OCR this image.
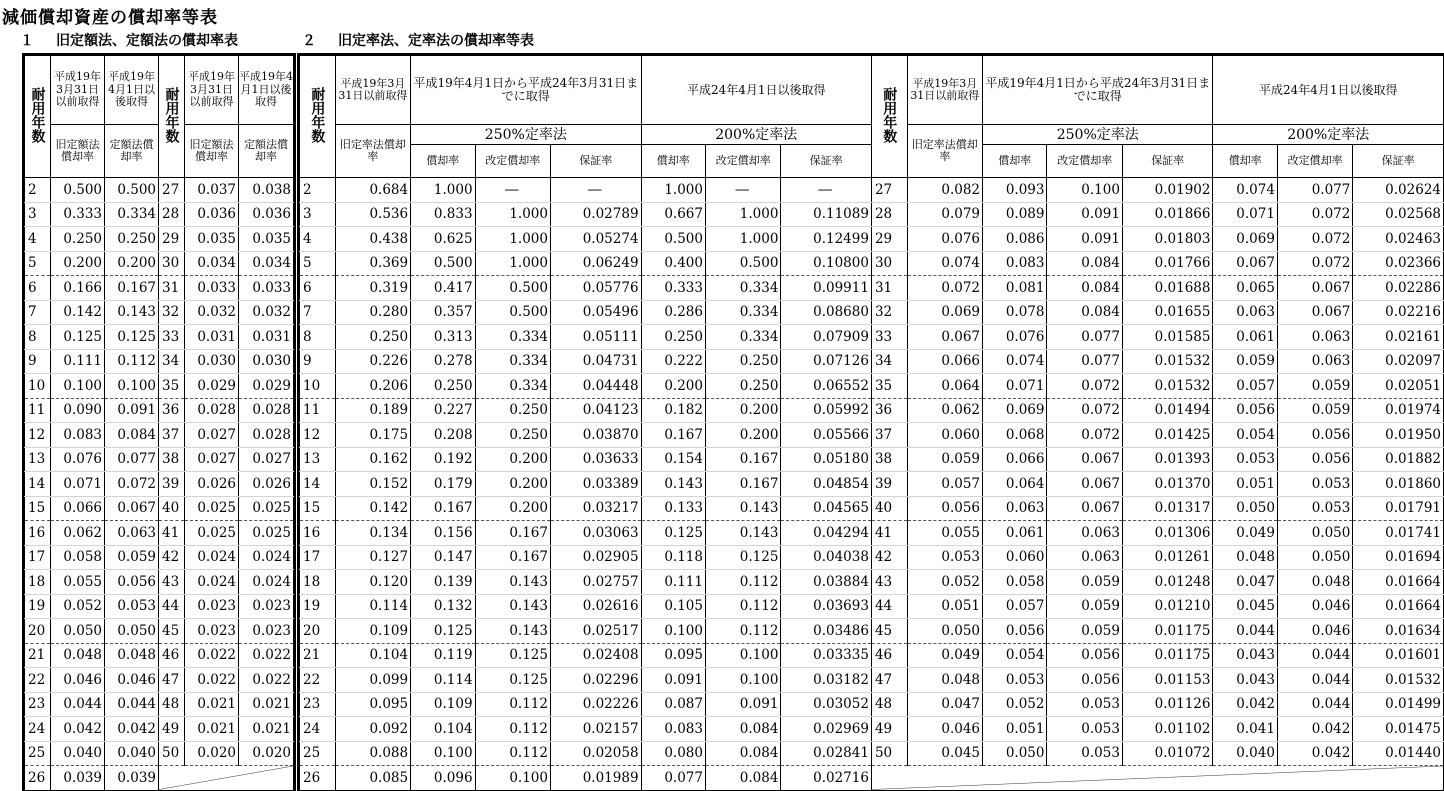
減価償却資産の償却率等表
１ 旧定額法、定額法の償却率表	２ 旧定率法、定率法の償却率等表
耐用年数	平成19年3月31日以前取得	平成19年4月1日以後取得	耐用年数	平成19年3月31日以前取得	平成19年4月1日以後取得
	旧定額法償却率	定額法償却率		旧定額法償却率	定額法償却率
2	0.500	0.500	27	0.037	0.038
3	0.333	0.334	28	0.036	0.036
4	0.250	0.250	29	0.035	0.035
5	0.200	0.200	30	0.034	0.034
6	0.166	0.167	31	0.033	0.033
7	0.142	0.143	32	0.032	0.032
8	0.125	0.125	33	0.031	0.031
9	0.111	0.112	34	0.030	0.030
10	0.100	0.100	35	0.029	0.029
11	0.090	0.091	36	0.028	0.028
12	0.083	0.084	37	0.027	0.028
13	0.076	0.077	38	0.027	0.027
14	0.071	0.072	39	0.026	0.026
15	0.066	0.067	40	0.025	0.025
16	0.062	0.063	41	0.025	0.025
17	0.058	0.059	42	0.024	0.024
18	0.055	0.056	43	0.024	0.024
19	0.052	0.053	44	0.023	0.023
20	0.050	0.050	45	0.023	0.023
21	0.048	0.048	46	0.022	0.022
22	0.046	0.046	47	0.022	0.022
23	0.044	0.044	48	0.021	0.021
24	0.042	0.042	49	0.021	0.021
25	0.040	0.040	50	0.020	0.020
26	0.039	0.039	
耐用年数	平成19年3月31日以前取得	平成19年4月1日から平成24年3月31日までに取得			平成24年4月1日以後取得			耐用年数	平成19年3月31日以前取得	平成19年4月1日から平成24年3月31日までに取得			平成24年4月1日以後取得		
	旧定率法償却率	250%定率法			200%定率法				旧定率法償却率	250%定率法			200%定率法		
		償却率	改定償却率	保証率	償却率	改定償却率	保証率			償却率	改定償却率	保証率	償却率	改定償却率	保証率
2	0.684	1.000	―	―	1.000	―	―	27	0.082	0.093	0.100	0.01902	0.074	0.077	0.02624
3	0.536	0.833	1.000	0.02789	0.667	1.000	0.11089	28	0.079	0.089	0.091	0.01866	0.071	0.072	0.02568
4	0.438	0.625	1.000	0.05274	0.500	1.000	0.12499	29	0.076	0.086	0.091	0.01803	0.069	0.072	0.02463
5	0.369	0.500	1.000	0.06249	0.400	0.500	0.10800	30	0.074	0.083	0.084	0.01766	0.067	0.072	0.02366
6	0.319	0.417	0.500	0.05776	0.333	0.334	0.09911	31	0.072	0.081	0.084	0.01688	0.065	0.067	0.02286
7	0.280	0.357	0.500	0.05496	0.286	0.334	0.08680	32	0.069	0.078	0.084	0.01655	0.063	0.067	0.02216
8	0.250	0.313	0.334	0.05111	0.250	0.334	0.07909	33	0.067	0.076	0.077	0.01585	0.061	0.063	0.02161
9	0.226	0.278	0.334	0.04731	0.222	0.250	0.07126	34	0.066	0.074	0.077	0.01532	0.059	0.063	0.02097
10	0.206	0.250	0.334	0.04448	0.200	0.250	0.06552	35	0.064	0.071	0.072	0.01532	0.057	0.059	0.02051
11	0.189	0.227	0.250	0.04123	0.182	0.200	0.05992	36	0.062	0.069	0.072	0.01494	0.056	0.059	0.01974
12	0.175	0.208	0.250	0.03870	0.167	0.200	0.05566	37	0.060	0.068	0.072	0.01425	0.054	0.056	0.01950
13	0.162	0.192	0.200	0.03633	0.154	0.167	0.05180	38	0.059	0.066	0.067	0.01393	0.053	0.056	0.01882
14	0.152	0.179	0.200	0.03389	0.143	0.167	0.04854	39	0.057	0.064	0.067	0.01370	0.051	0.053	0.01860
15	0.142	0.167	0.200	0.03217	0.133	0.143	0.04565	40	0.056	0.063	0.067	0.01317	0.050	0.053	0.01791
16	0.134	0.156	0.167	0.03063	0.125	0.143	0.04294	41	0.055	0.061	0.063	0.01306	0.049	0.050	0.01741
17	0.127	0.147	0.167	0.02905	0.118	0.125	0.04038	42	0.053	0.060	0.063	0.01261	0.048	0.050	0.01694
18	0.120	0.139	0.143	0.02757	0.111	0.112	0.03884	43	0.052	0.058	0.059	0.01248	0.047	0.048	0.01664
19	0.114	0.132	0.143	0.02616	0.105	0.112	0.03693	44	0.051	0.057	0.059	0.01210	0.045	0.046	0.01664
20	0.109	0.125	0.143	0.02517	0.100	0.112	0.03486	45	0.050	0.056	0.059	0.01175	0.044	0.046	0.01634
21	0.104	0.119	0.125	0.02408	0.095	0.100	0.03335	46	0.049	0.054	0.056	0.01175	0.043	0.044	0.01601
22	0.099	0.114	0.125	0.02296	0.091	0.100	0.03182	47	0.048	0.053	0.056	0.01153	0.043	0.044	0.01532
23	0.095	0.109	0.112	0.02226	0.087	0.091	0.03052	48	0.047	0.052	0.053	0.01126	0.042	0.044	0.01499
24	0.092	0.104	0.112	0.02157	0.083	0.084	0.02969	49	0.046	0.051	0.053	0.01102	0.041	0.042	0.01475
25	0.088	0.100	0.112	0.02058	0.080	0.084	0.02841	50	0.045	0.050	0.053	0.01072	0.040	0.042	0.01440
26	0.085	0.096	0.100	0.01989	0.077	0.084	0.02716	
